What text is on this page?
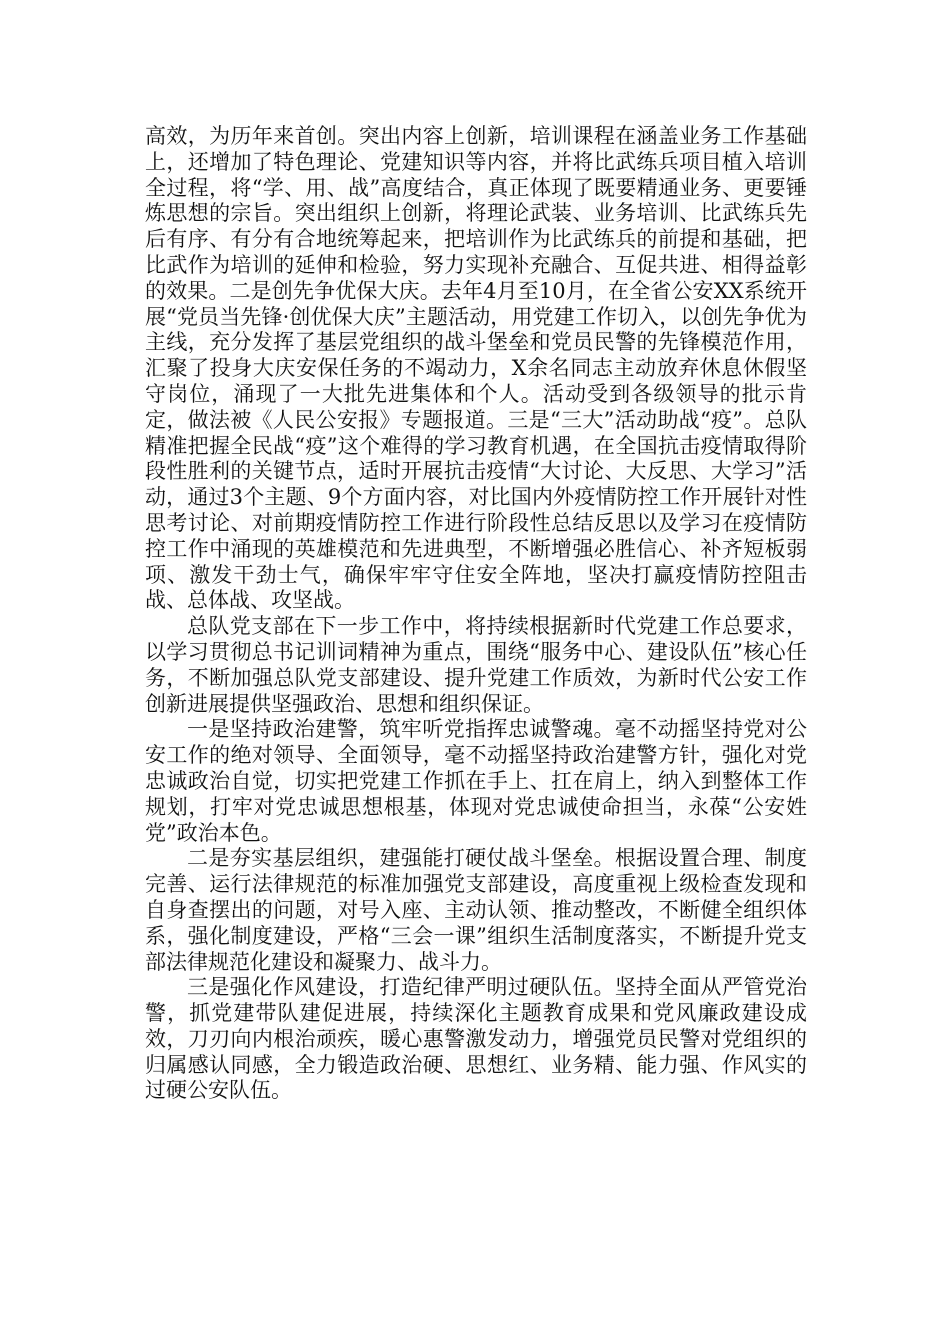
高效，为历年来首创。突出内容上创新，培训课程在涵盖业务工作基础上，还增加了特色理论、党建知识等内容，并将比武练兵项目植入培训全过程，将“学、用、战”高度结合，真正体现了既要精通业务、更要锤炼思想的宗旨。突出组织上创新，将理论武装、业务培训、比武练兵先后有序、有分有合地统筹起来，把培训作为比武练兵的前提和基础，把比武作为培训的延伸和检验，努力实现补充融合、互促共进、相得益彰的效果。二是创先争优保大庆。去年4月至10月，在全省公安XX系统开展“党员当先锋·创优保大庆”主题活动，用党建工作切入，以创先争优为主线，充分发挥了基层党组织的战斗堡垒和党员民警的先锋模范作用，汇聚了投身大庆安保任务的不竭动力，X余名同志主动放弃休息休假坚守岗位，涌现了一大批先进集体和个人。活动受到各级领导的批示肯定，做法被《人民公安报》专题报道。三是“三大”活动助战“疫”。总队精准把握全民战“疫”这个难得的学习教育机遇，在全国抗击疫情取得阶段性胜利的关键节点，适时开展抗击疫情“大讨论、大反思、大学习”活动，通过3个主题、9个方面内容，对比国内外疫情防控工作开展针对性思考讨论、对前期疫情防控工作进行阶段性总结反思以及学习在疫情防控工作中涌现的英雄模范和先进典型，不断增强必胜信心、补齐短板弱项、激发干劲士气，确保牢牢守住安全阵地，坚决打赢疫情防控阻击战、总体战、攻坚战。

总队党支部在下一步工作中，将持续根据新时代党建工作总要求，以学习贯彻总书记训词精神为重点，围绕“服务中心、建设队伍”核心任务，不断加强总队党支部建设、提升党建工作质效，为新时代公安工作创新进展提供坚强政治、思想和组织保证。

一是坚持政治建警，筑牢听党指挥忠诚警魂。毫不动摇坚持党对公安工作的绝对领导、全面领导，毫不动摇坚持政治建警方针，强化对党忠诚政治自觉，切实把党建工作抓在手上、扛在肩上，纳入到整体工作规划，打牢对党忠诚思想根基，体现对党忠诚使命担当，永葆“公安姓党”政治本色。

二是夯实基层组织，建强能打硬仗战斗堡垒。根据设置合理、制度完善、运行法律规范的标准加强党支部建设，高度重视上级检查发现和自身查摆出的问题，对号入座、主动认领、推动整改，不断健全组织体系，强化制度建设，严格“三会一课”组织生活制度落实，不断提升党支部法律规范化建设和凝聚力、战斗力。

三是强化作风建设，打造纪律严明过硬队伍。坚持全面从严管党治警，抓党建带队建促进展，持续深化主题教育成果和党风廉政建设成效，刀刃向内根治顽疾，暖心惠警激发动力，增强党员民警对党组织的归属感认同感，全力锻造政治硬、思想红、业务精、能力强、作风实的过硬公安队伍。
